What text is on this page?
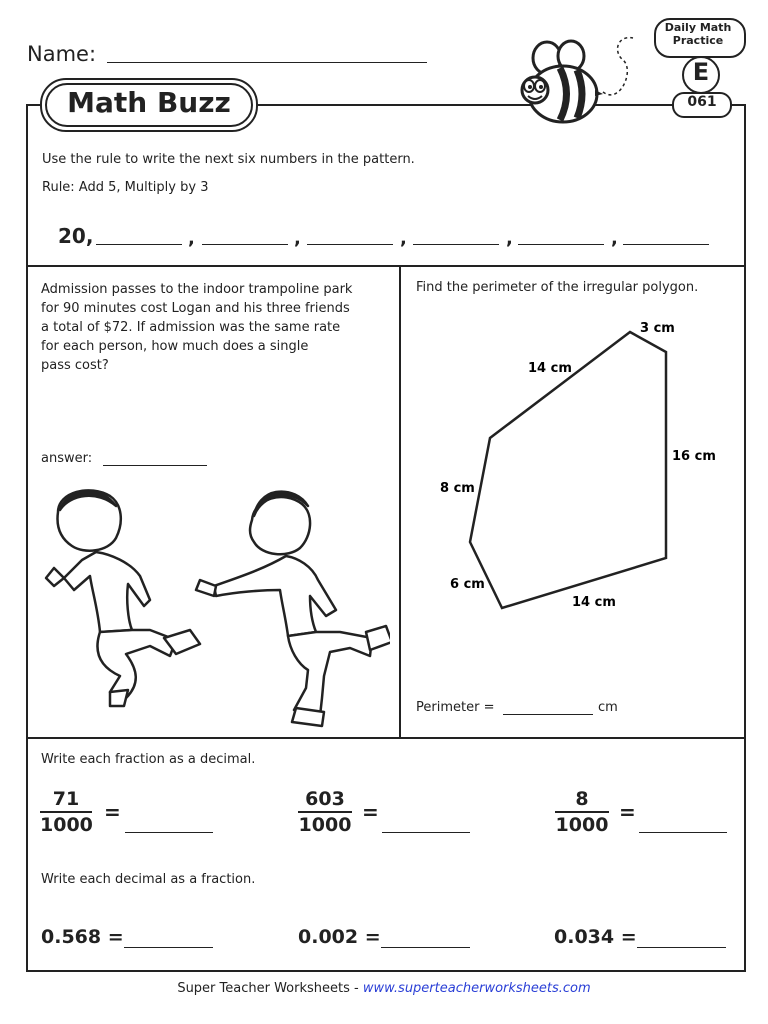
Name:
Math Buzz
Daily Math Practice
E
061
Use the rule to write the next six numbers in the pattern.
Rule: Add 5, Multiply by 3
20,	,	,	,	,	,
Admission passes to the indoor trampoline park
for 90 minutes cost Logan and his three friends
a total of $72. If admission was the same rate
for each person, how much does a single
pass cost?
answer:
Find the perimeter of the irregular polygon.
3 cm
14 cm
16 cm
8 cm
6 cm
14 cm
Perimeter =	cm
Write each fraction as a decimal.
71
1000
=
603
1000
=
8
1000
=
Write each decimal as a fraction.
0.568 =	0.002 =	0.034 =
Super Teacher Worksheets - www.superteacherworksheets.com
